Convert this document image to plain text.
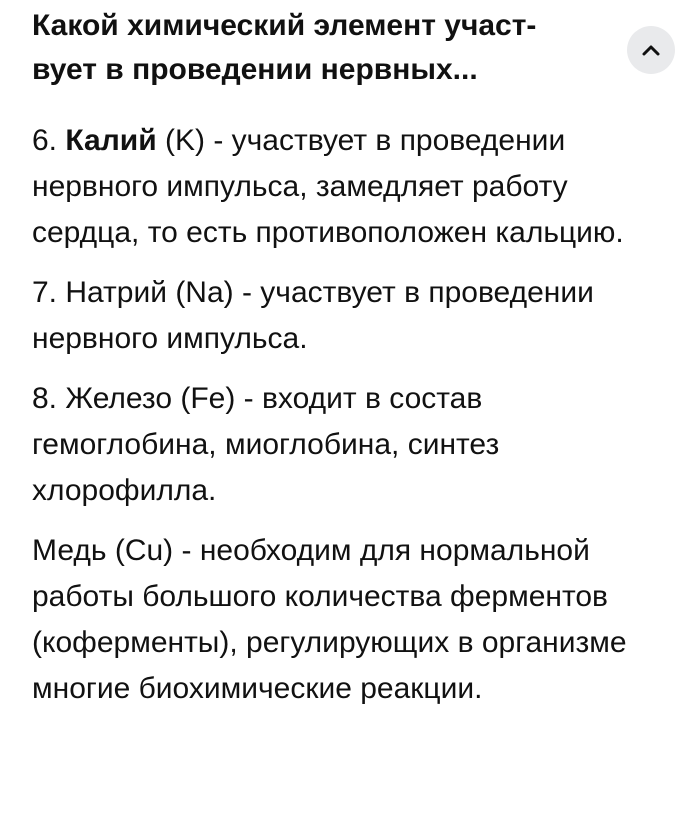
Какой химический элемент участ-
вует в проведении нервных...

6. Калий (K) - участвует в проведении нервного импульса, замедляет работу сердца, то есть противоположен кальцию.

7. Натрий (Na) - участвует в проведении нервного импульса.

8. Железо (Fe) - входит в состав гемоглобина, миоглобина, синтез хлорофилла.

Медь (Cu) - необходим для нормальной работы большого количества ферментов (коферменты), регулирующих в организме многие биохимические реакции.
